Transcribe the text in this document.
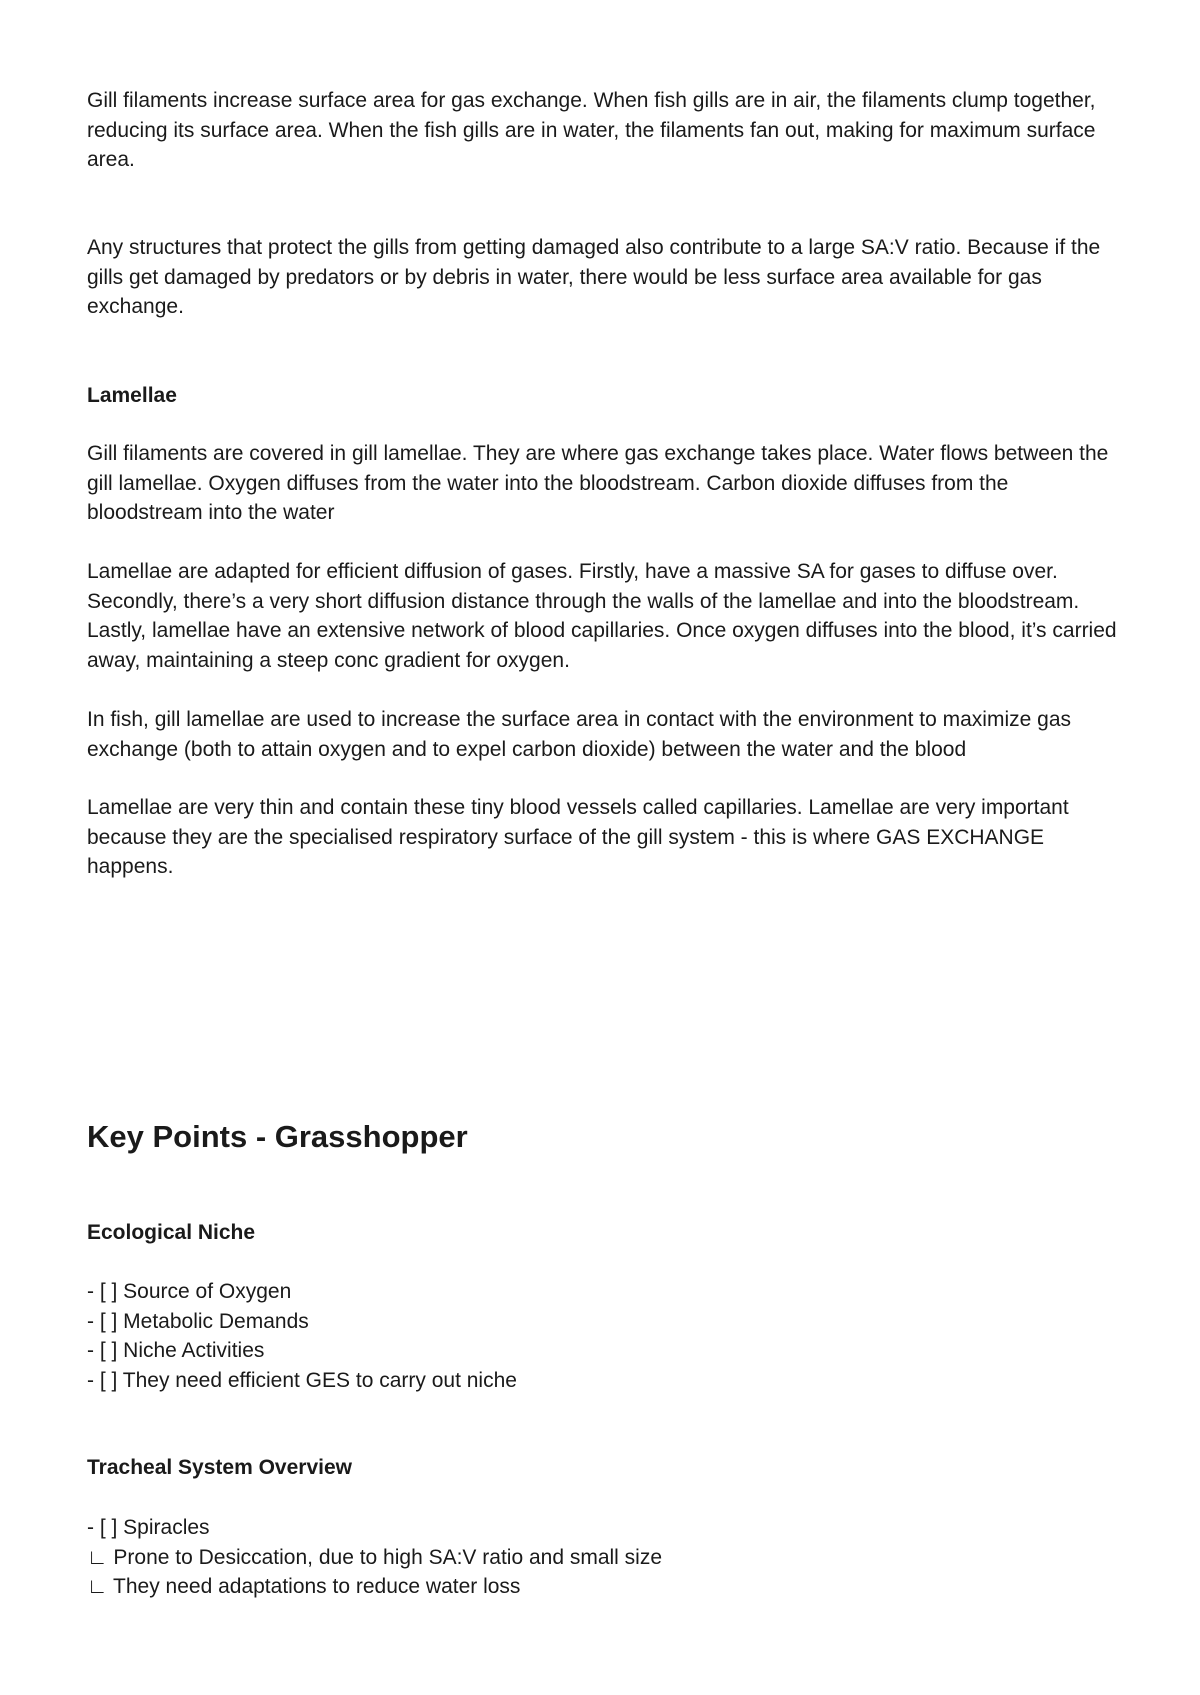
Gill filaments increase surface area for gas exchange. When fish gills are in air, the filaments clump together, reducing its surface area. When the fish gills are in water, the filaments fan out, making for maximum surface area.

Any structures that protect the gills from getting damaged also contribute to a large SA:V ratio. Because if the gills get damaged by predators or by debris in water, there would be less surface area available for gas exchange.

Lamellae

Gill filaments are covered in gill lamellae. They are where gas exchange takes place. Water flows between the gill lamellae. Oxygen diffuses from the water into the bloodstream. Carbon dioxide diffuses from the bloodstream into the water

Lamellae are adapted for efficient diffusion of gases. Firstly, have a massive SA for gases to diffuse over. Secondly, there’s a very short diffusion distance through the walls of the lamellae and into the bloodstream. Lastly, lamellae have an extensive network of blood capillaries. Once oxygen diffuses into the blood, it’s carried away, maintaining a steep conc gradient for oxygen.

In fish, gill lamellae are used to increase the surface area in contact with the environment to maximize gas exchange (both to attain oxygen and to expel carbon dioxide) between the water and the blood

Lamellae are very thin and contain these tiny blood vessels called capillaries. Lamellae are very important because they are the specialised respiratory surface of the gill system - this is where GAS EXCHANGE happens.

Key Points - Grasshopper

Ecological Niche

- [ ] Source of Oxygen
- [ ] Metabolic Demands
- [ ] Niche Activities
- [ ] They need efficient GES to carry out niche

Tracheal System Overview

- [ ] Spiracles
∟ Prone to Desiccation, due to high SA:V ratio and small size
∟ They need adaptations to reduce water loss
